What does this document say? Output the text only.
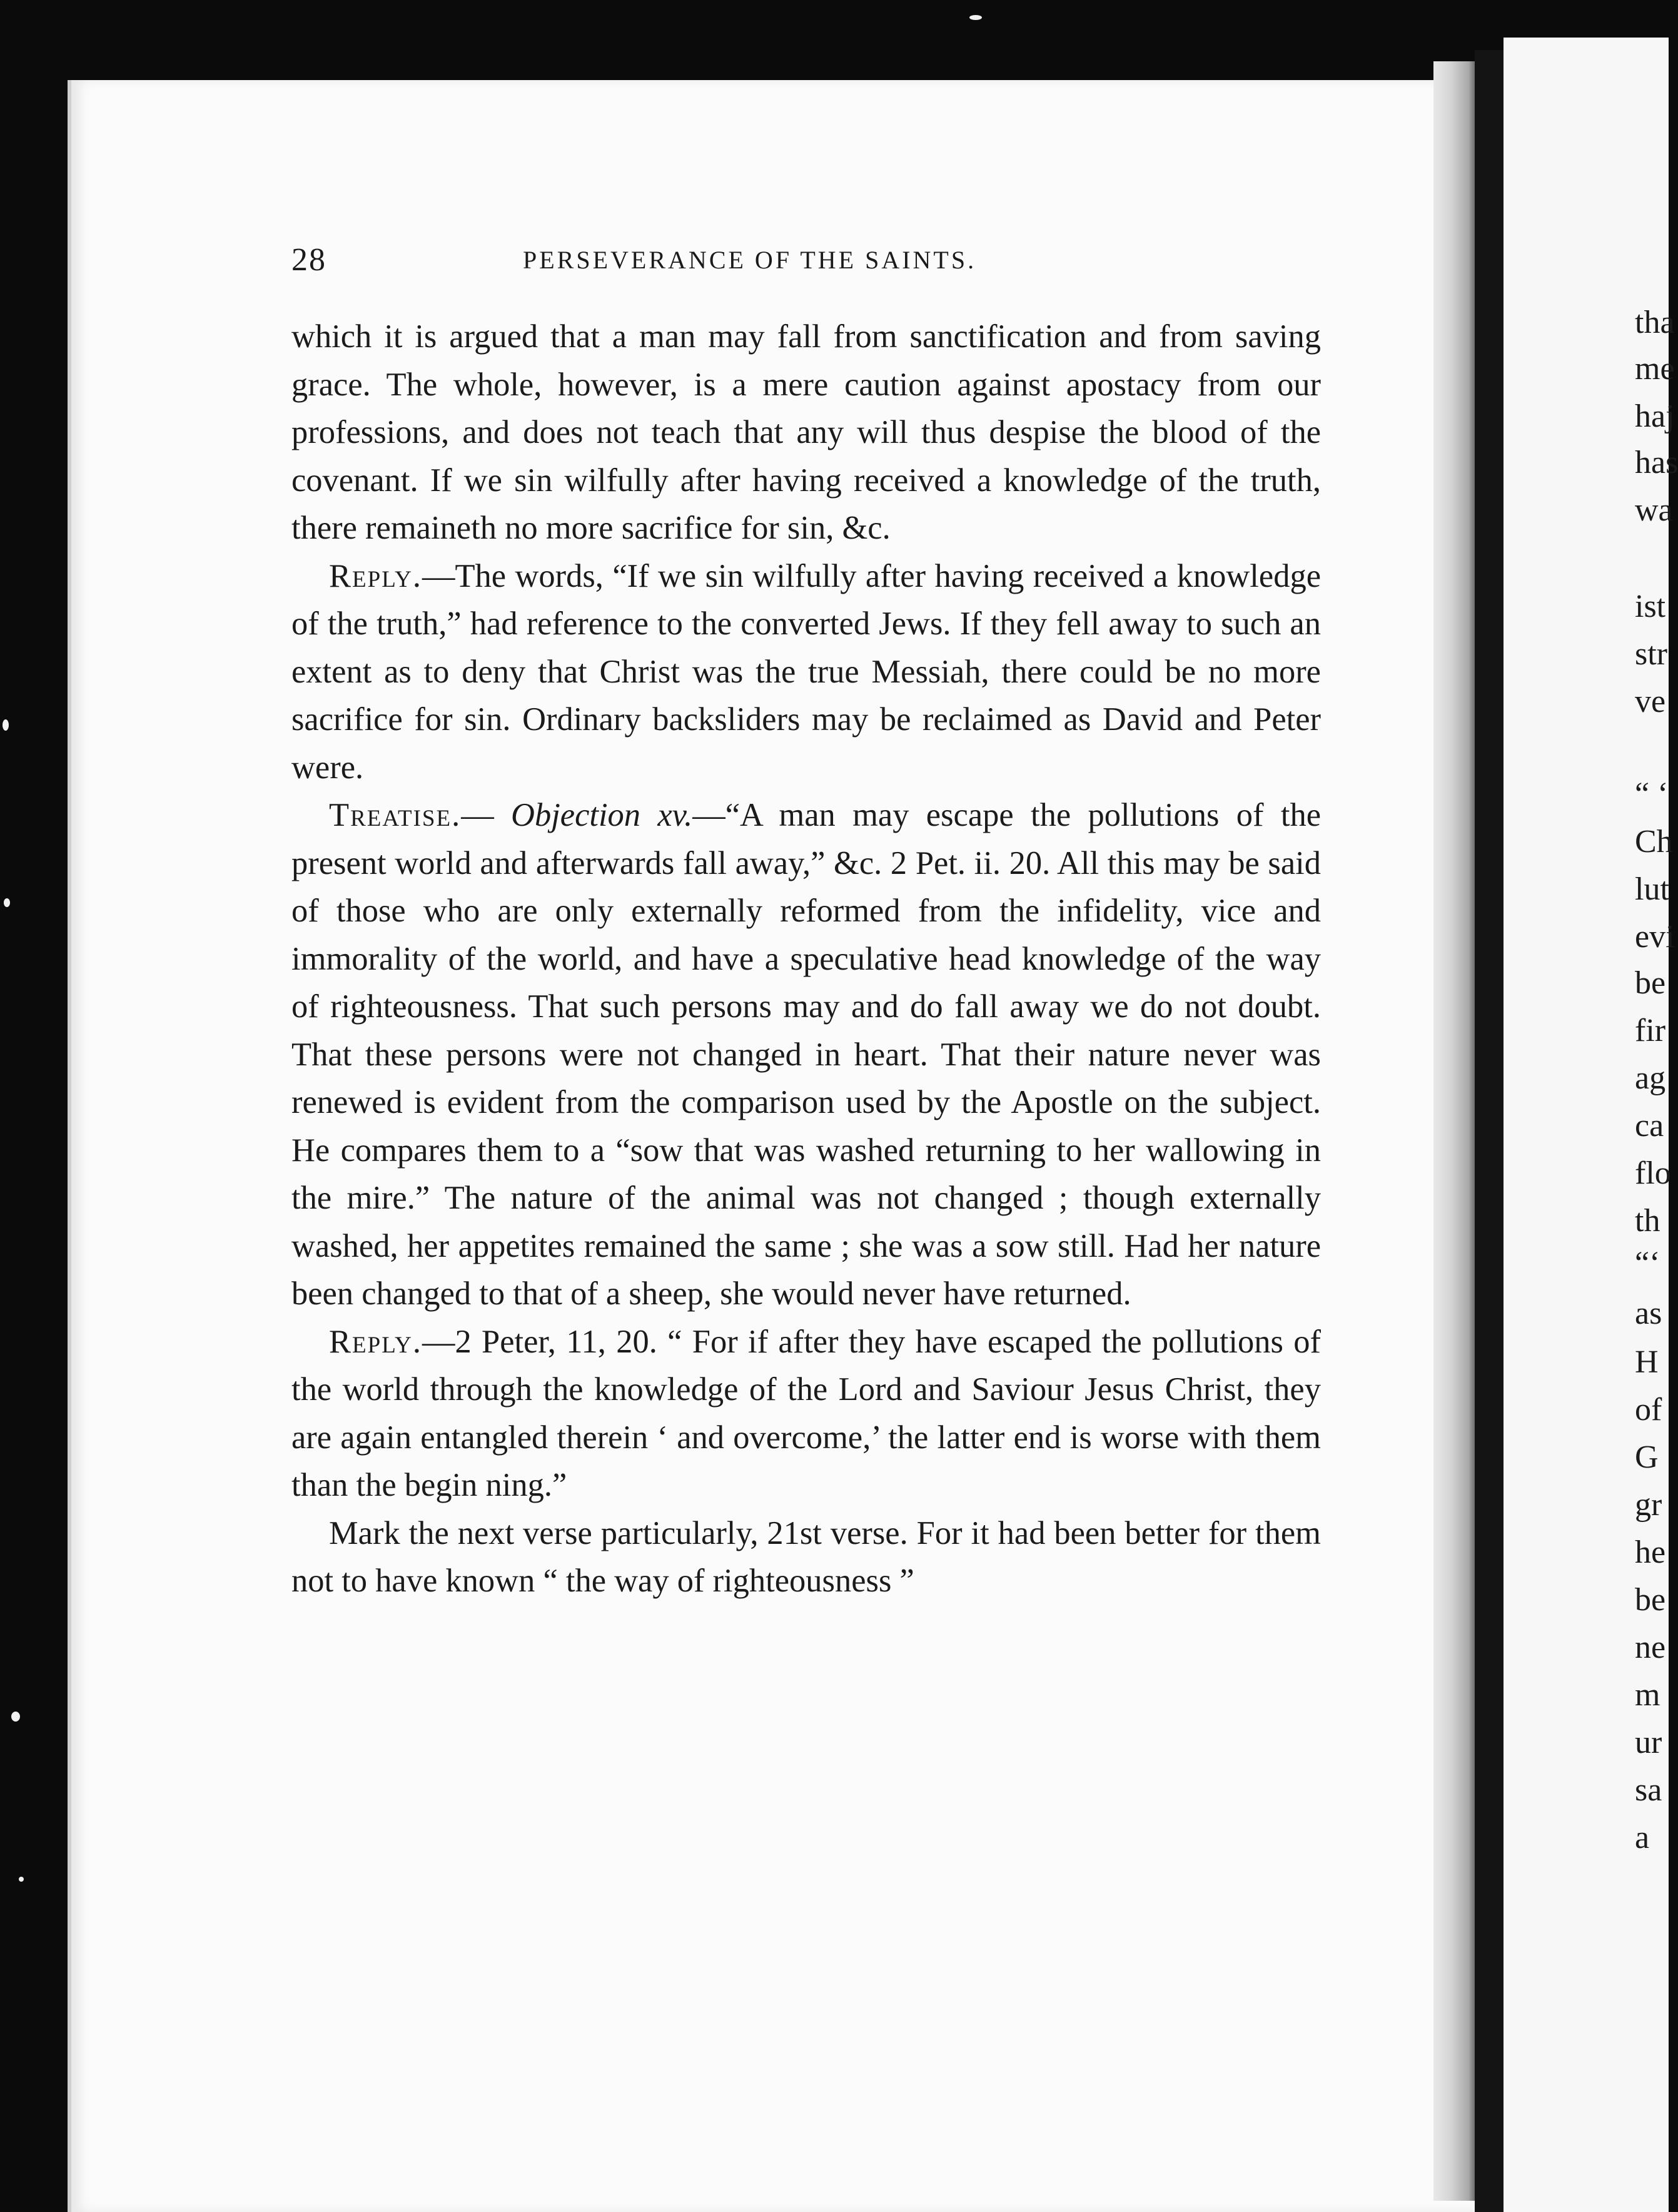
28	PERSEVERANCE OF THE SAINTS.

which it is argued that a man may fall from sanctification and from saving grace. The whole, however, is a mere caution against apostacy from our professions, and does not teach that any will thus despise the blood of the covenant. If we sin wilfully after having received a knowledge of the truth, there remaineth no more sacrifice for sin, &c.

Reply.—The words, “If we sin wilfully after having received a knowledge of the truth,” had reference to the converted Jews. If they fell away to such an extent as to deny that Christ was the true Messiah, there could be no more sacrifice for sin. Ordinary backsliders may be reclaimed as David and Peter were.

Treatise.— Objection xv.—“A man may escape the pollutions of the present world and afterwards fall away,” &c. 2 Pet. ii. 20. All this may be said of those who are only externally reformed from the infidelity, vice and immorality of the world, and have a speculative head knowledge of the way of righteousness. That such persons may and do fall away we do not doubt. That these persons were not changed in heart. That their nature never was renewed is evident from the comparison used by the Apostle on the subject. He compares them to a “sow that was washed returning to her wallowing in the mire.” The nature of the animal was not changed ; though externally washed, her appetites remained the same ; she was a sow still. Had her nature been changed to that of a sheep, she would never have returned.

Reply.—2 Peter, 11, 20. “ For if after they have escaped the pollutions of the world through the knowledge of the Lord and Saviour Jesus Christ, they are again entangled therein ‘ and overcome,’ the latter end is worse with them than the begin ning.”

Mark the next verse particularly, 21st verse. For it had been better for them not to have known “ the way of righteousness ”

tha
me
haj
has
wa
ist
str
ve
“ ‘
Ch
lut
evi
be
fir
ag
ca
flo
th
“‘
as
H
of
G
gr
he
be
ne
m
ur
sa
a
